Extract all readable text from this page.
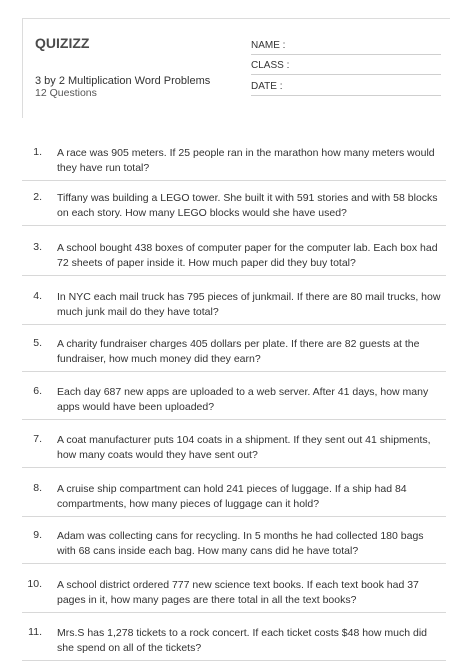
QUIZIZZ
3 by 2 Multiplication Word Problems
12 Questions
NAME :
CLASS :
DATE :
1. A race was 905 meters. If 25 people ran in the marathon how many meters would they have run total?
2. Tiffany was building a LEGO tower. She built it with 591 stories and with 58 blocks on each story. How many LEGO blocks would she have used?
3. A school bought 438 boxes of computer paper for the computer lab. Each box had 72 sheets of paper inside it. How much paper did they buy total?
4. In NYC each mail truck has 795 pieces of junkmail. If there are 80 mail trucks, how much junk mail do they have total?
5. A charity fundraiser charges 405 dollars per plate. If there are 82 guests at the fundraiser, how much money did they earn?
6. Each day 687 new apps are uploaded to a web server. After 41 days, how many apps would have been uploaded?
7. A coat manufacturer puts 104 coats in a shipment. If they sent out 41 shipments, how many coats would they have sent out?
8. A cruise ship compartment can hold 241 pieces of luggage. If a ship had 84 compartments, how many pieces of luggage can it hold?
9. Adam was collecting cans for recycling. In 5 months he had collected 180 bags with 68 cans inside each bag. How many cans did he have total?
10. A school district ordered 777 new science text books. If each text book had 37 pages in it, how many pages are there total in all the text books?
11. Mrs.S has 1,278 tickets to a rock concert. If each ticket costs $48 how much did she spend on all of the tickets?
